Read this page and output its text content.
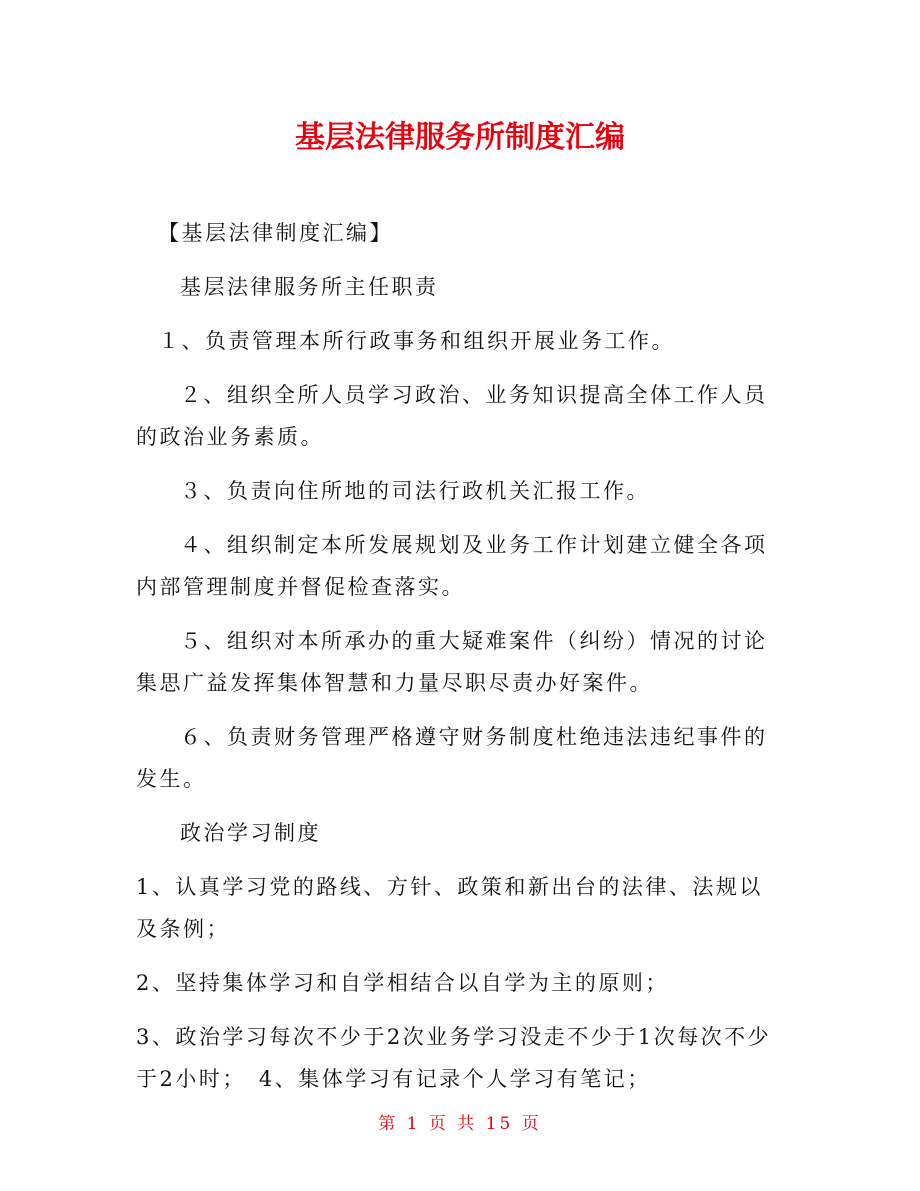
基层法律服务所制度汇编

【基层法律制度汇编】

基层法律服务所主任职责

１、负责管理本所行政事务和组织开展业务工作。

２、组织全所人员学习政治、业务知识提高全体工作人员的政治业务素质。

３、负责向住所地的司法行政机关汇报工作。

４、组织制定本所发展规划及业务工作计划建立健全各项内部管理制度并督促检查落实。

５、组织对本所承办的重大疑难案件（纠纷）情况的讨论集思广益发挥集体智慧和力量尽职尽责办好案件。

６、负责财务管理严格遵守财务制度杜绝违法违纪事件的发生。

政治学习制度

1、认真学习党的路线、方针、政策和新出台的法律、法规以及条例；

2、坚持集体学习和自学相结合以自学为主的原则；

3、政治学习每次不少于2次业务学习没走不少于1次每次不少于2小时；　4、集体学习有记录个人学习有笔记；

第 1 页 共 15 页
